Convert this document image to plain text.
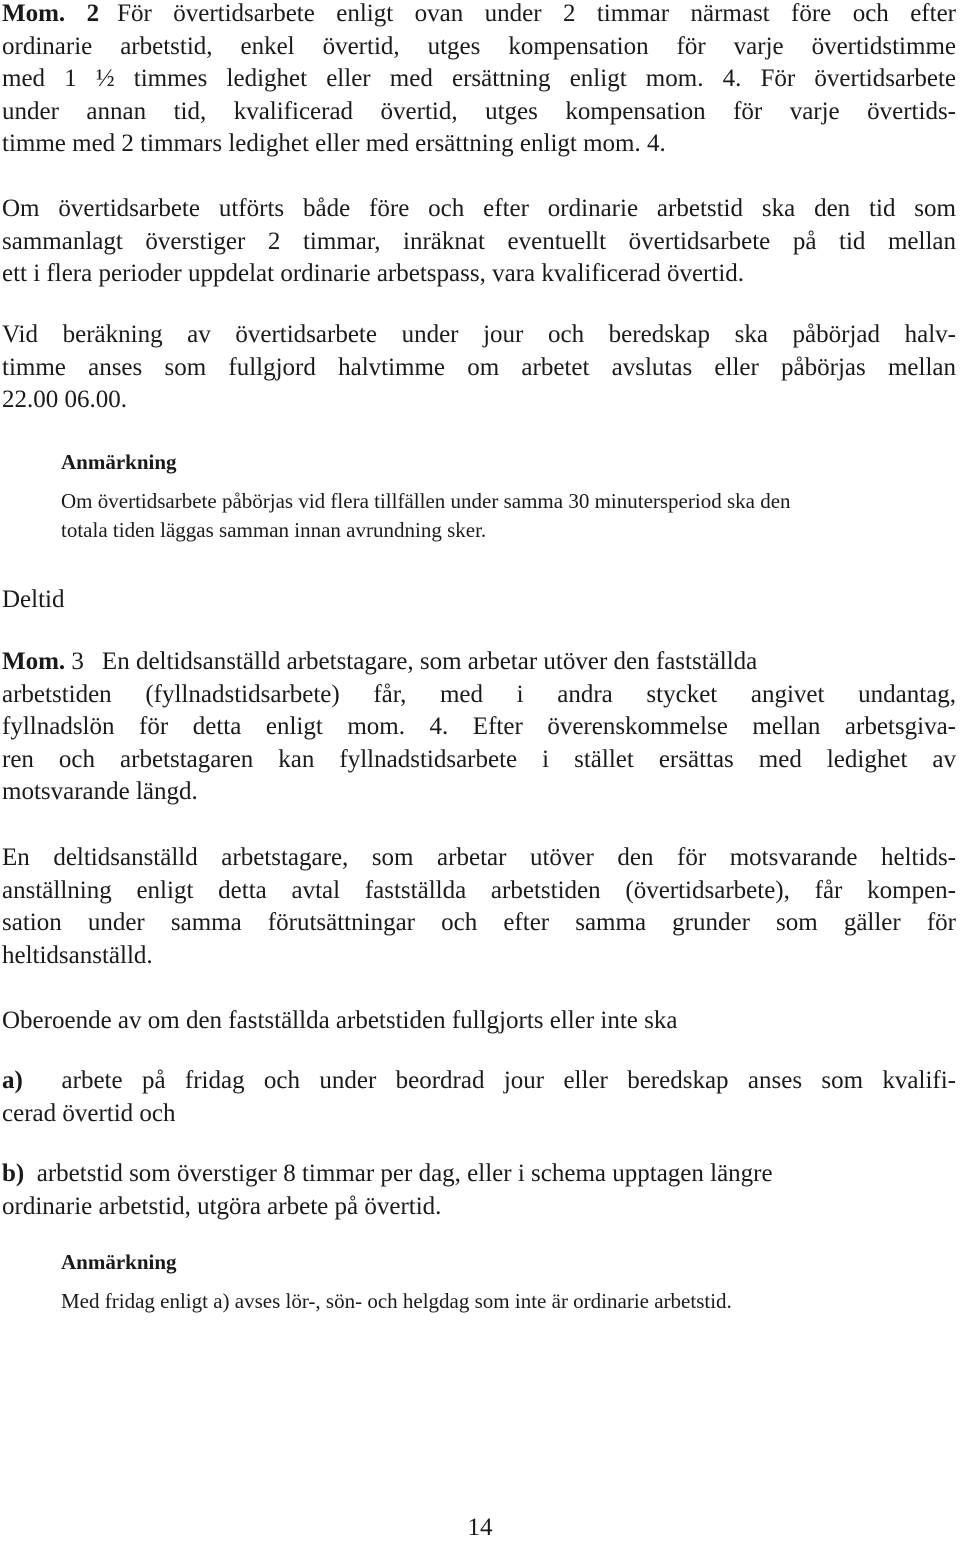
Mom. 2 För övertidsarbete enligt ovan under 2 timmar närmast före och efter
ordinarie arbetstid, enkel övertid, utges kompensation för varje övertidstimme
med 1 ½ timmes ledighet eller med ersättning enligt mom. 4. För övertidsarbete
under annan tid, kvalificerad övertid, utges kompensation för varje övertids-
timme med 2 timmars ledighet eller med ersättning enligt mom. 4.
Om övertidsarbete utförts både före och efter ordinarie arbetstid ska den tid som
sammanlagt överstiger 2 timmar, inräknat eventuellt övertidsarbete på tid mellan
ett i flera perioder uppdelat ordinarie arbetspass, vara kvalificerad övertid.
Vid beräkning av övertidsarbete under jour och beredskap ska påbörjad halv-
timme anses som fullgjord halvtimme om arbetet avslutas eller påbörjas mellan
22.00 06.00.
Anmärkning
Om övertidsarbete påbörjas vid flera tillfällen under samma 30 minutersperiod ska den
totala tiden läggas samman innan avrundning sker.
Deltid
Mom. 3 En deltidsanställd arbetstagare, som arbetar utöver den fastställda
arbetstiden (fyllnadstidsarbete) får, med i andra stycket angivet undantag,
fyllnadslön för detta enligt mom. 4. Efter överenskommelse mellan arbetsgiva-
ren och arbetstagaren kan fyllnadstidsarbete i stället ersättas med ledighet av
motsvarande längd.
En deltidsanställd arbetstagare, som arbetar utöver den för motsvarande heltids-
anställning enligt detta avtal fastställda arbetstiden (övertidsarbete), får kompen-
sation under samma förutsättningar och efter samma grunder som gäller för
heltidsanställd.
Oberoende av om den fastställda arbetstiden fullgjorts eller inte ska
a) arbete på fridag och under beordrad jour eller beredskap anses som kvalifi-
cerad övertid och
b) arbetstid som överstiger 8 timmar per dag, eller i schema upptagen längre
ordinarie arbetstid, utgöra arbete på övertid.
Anmärkning
Med fridag enligt a) avses lör-, sön- och helgdag som inte är ordinarie arbetstid.
14
